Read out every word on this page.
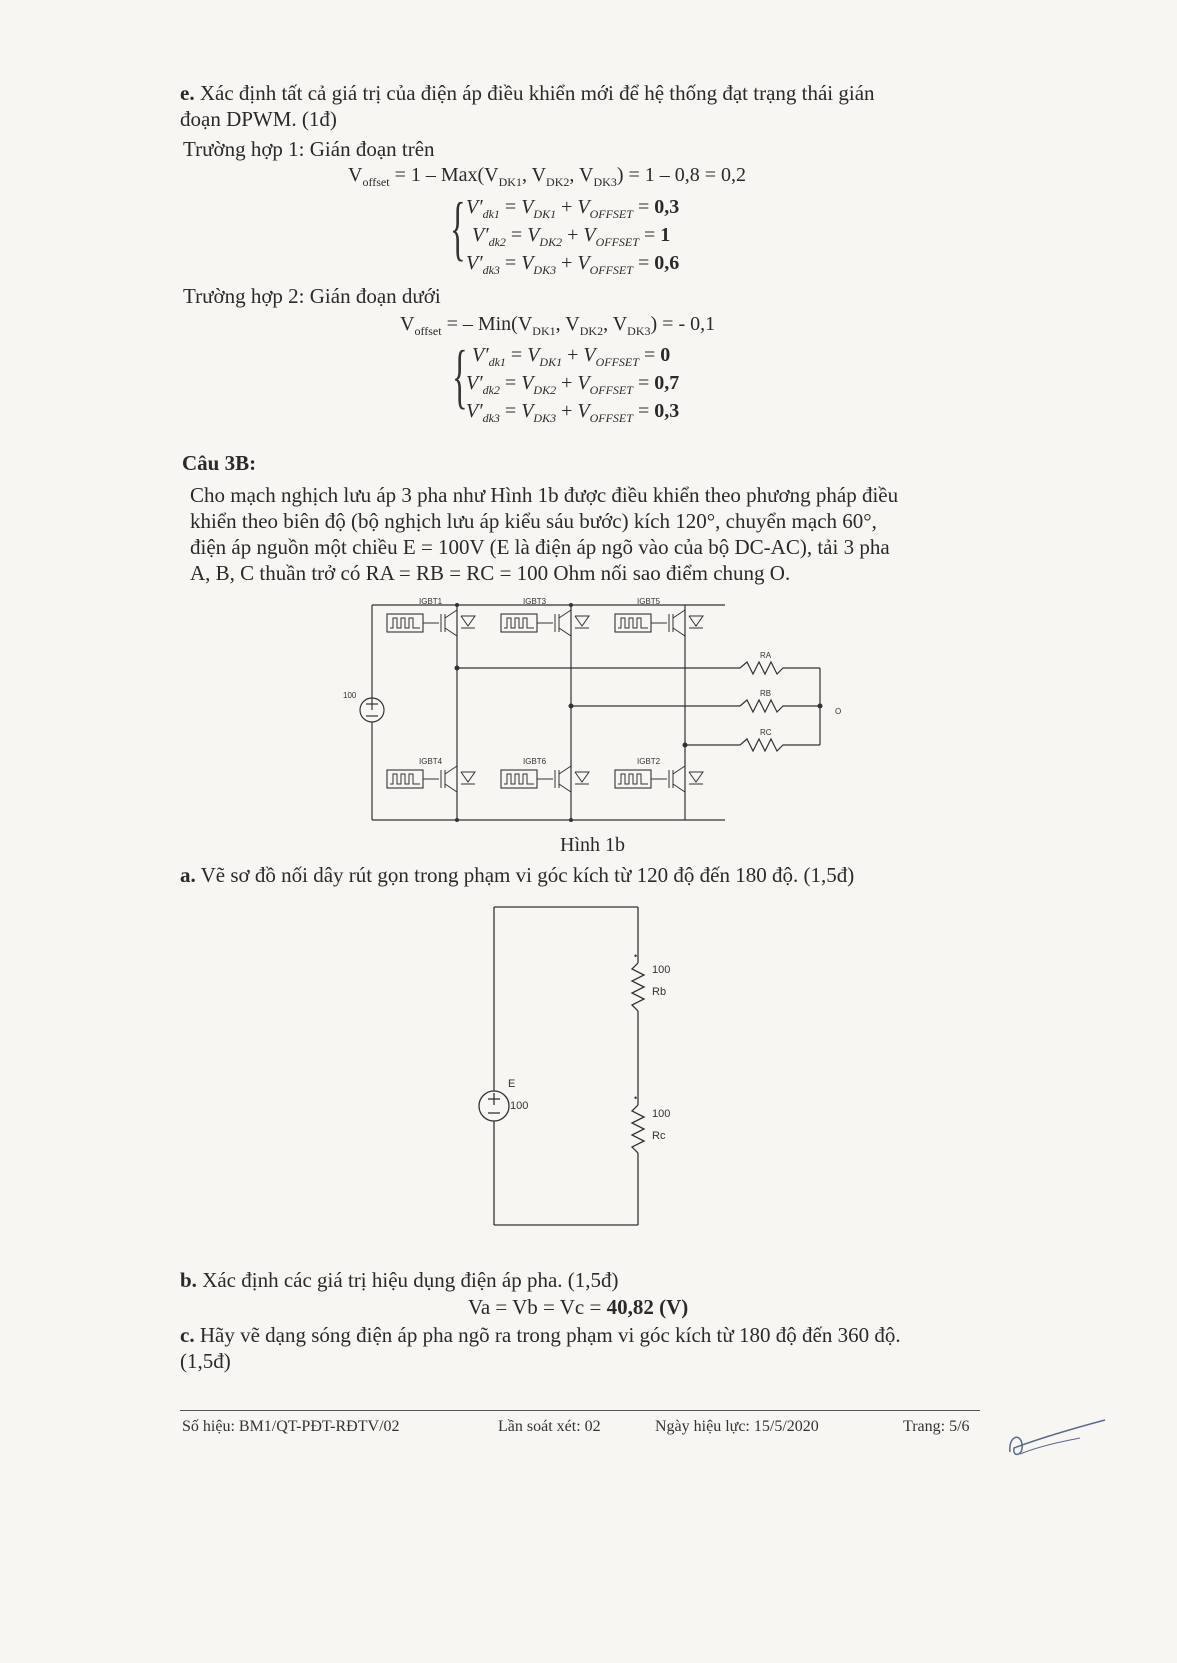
e. Xác định tất cả giá trị của điện áp điều khiển mới để hệ thống đạt trạng thái gián
đoạn DPWM. (1đ)
Trường hợp 1: Gián đoạn trên
$V_{offset} = 1 - Max(V_{DK1}$, $V_{DK2}$, $V_{DK3}) = 1 - 0,8 = 0,2$
{ $V'_{dk1} = V_{DK1} + V_{OFFSET} = 0,3$
$V'_{dk2} = V_{DK2} + V_{OFFSET} = 1$
$V'_{dk3} = V_{DK3} + V_{OFFSET} = 0,6$
Trường hợp 2: Gián đoạn dưới
$V_{offset}$ = – $Min(V_{DK1}$, $V_{DK2}$, $V_{DK3}$) = - 0,1
{ $V'_{dk1} = V_{DK1} + V_{OFFSET} = 0$
$V'_{dk2} = V_{DK2} + V_{OFFSET} = 0,7$
$V'_{dk3} = V_{DK3} + V_{OFFSET} = 0,3$
Câu 3B:
Cho mạch nghịch lưu áp 3 pha như Hình 1b được điều khiển theo phương pháp điều
khiển theo biên độ (bộ nghịch lưu áp kiểu sáu bước) kích 120°, chuyển mạch 60°,
điện áp nguồn một chiều E = 100V (E là điện áp ngõ vào của bộ DC-AC), tải 3 pha
A, B, C thuần trở có RA = RB = RC = 100 Ohm nối sao điểm chung O.
IGBT1	IGBT3	IGBT5
IGBT4	IGBT6	IGBT2
RA
RB
RC
O
100
Hình 1b
a. Vẽ sơ đồ nối dây rút gọn trong phạm vi góc kích từ 120 độ đến 180 độ. (1,5đ)
•
100
Rb
•
100
Rc
E
100
b. Xác định các giá trị hiệu dụng điện áp pha. (1,5đ)
Va = Vb = Vc = 40,82 (V)
c. Hãy vẽ dạng sóng điện áp pha ngõ ra trong phạm vi góc kích từ 180 độ đến 360 độ.
(1,5đ)
Số hiệu: BM1/QT-PĐT-RĐTV/02	Lần soát xét: 02	Ngày hiệu lực: 15/5/2020	Trang: 5/6
